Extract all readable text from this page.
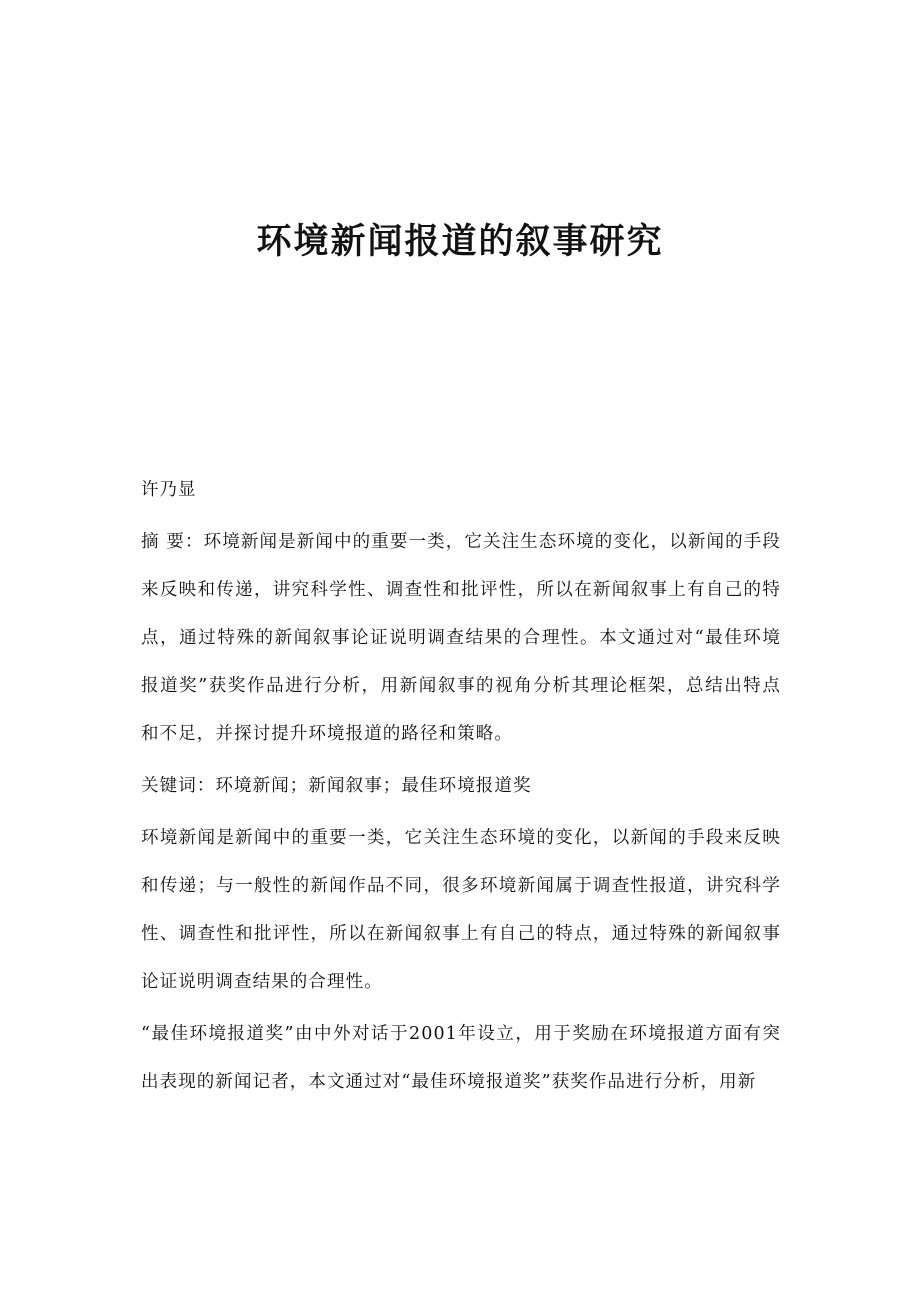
环境新闻报道的叙事研究

许乃显

摘 要：环境新闻是新闻中的重要一类，它关注生态环境的变化，以新闻的手段来反映和传递，讲究科学性、调查性和批评性，所以在新闻叙事上有自己的特点，通过特殊的新闻叙事论证说明调查结果的合理性。本文通过对“最佳环境报道奖”获奖作品进行分析，用新闻叙事的视角分析其理论框架，总结出特点和不足，并探讨提升环境报道的路径和策略。

关键词：环境新闻；新闻叙事；最佳环境报道奖

环境新闻是新闻中的重要一类，它关注生态环境的变化，以新闻的手段来反映和传递；与一般性的新闻作品不同，很多环境新闻属于调查性报道，讲究科学性、调查性和批评性，所以在新闻叙事上有自己的特点，通过特殊的新闻叙事论证说明调查结果的合理性。

“最佳环境报道奖”由中外对话于2001年设立，用于奖励在环境报道方面有突出表现的新闻记者，本文通过对“最佳环境报道奖”获奖作品进行分析，用新
